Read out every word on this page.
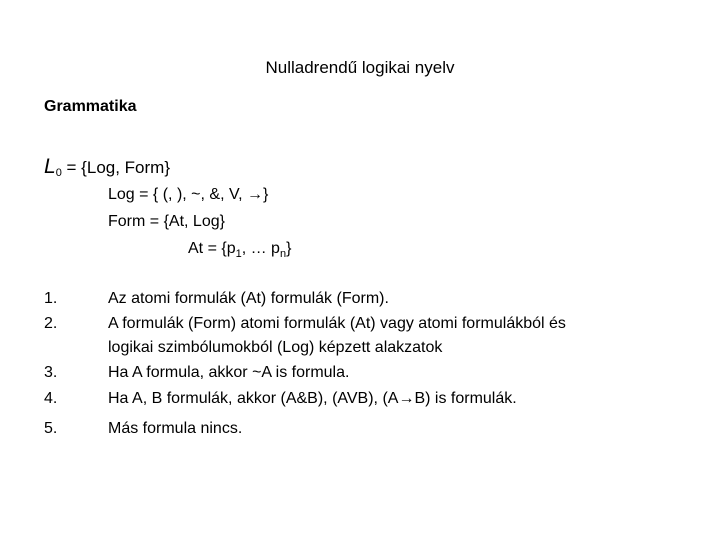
Nulladrendű logikai nyelv
Grammatika
$L_0 = \{Log$, Form}
Log = { (, ), ~, &, V, →}
Form = {At, Log}
$At = \{p_1$, … $p_n$}
1.	Az atomi formulák (At) formulák (Form).
2.	A formulák (Form) atomi formulák (At) vagy atomi formulákból és
logikai szimbólumokból (Log) képzett alakzatok
3.	Ha A formula, akkor ~A is formula.
4.	Ha A, B formulák, akkor (A&B), (AVB), (A→B) is formulák.
5.	Más formula nincs.
